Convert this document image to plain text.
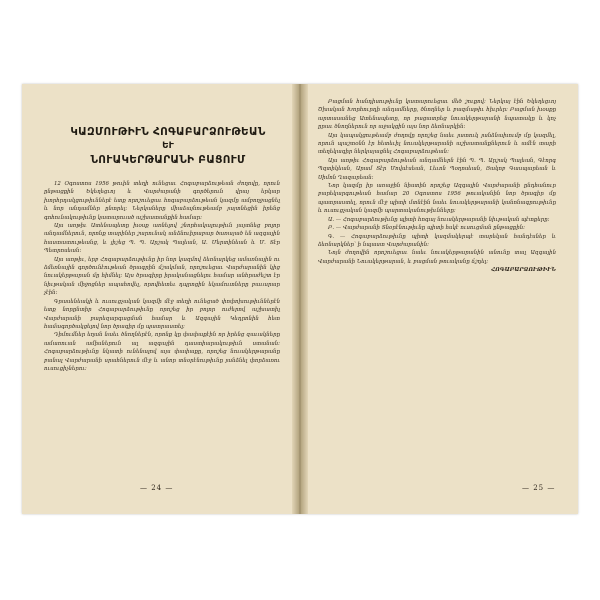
ԿԱԶՄՈՒԹԻՒՆ ՀՈԳԱԲԱՐՁՈՒԹԵԱՆ
ԵՒ
ՆՈՒԱԿԵՐԹԱՐԱՆԻ ԲԱՑՈՒՄ

12 Օգոստոս 1956 թուին տեղի ունեցաւ Հոգաբարձութեան ժողովը, որուն ընթացքին Եկեղեցւոյ և Վարժարանի գործերուն վրայ երկար խորհրդակցութիւններէ ետք որոշուեցաւ հոգաբարձութեան կազմը ամբողջացնել և նոր անդամներ ընտրել։ Ներկաները միաձայնութեամբ յայտնեցին իրենց գոհունակութիւնը կատարուած աշխատանքին համար։

Այս առթիւ Ատենապետը խօսք առնելով շնորհակալութիւն յայտնեց բոլոր անդամներուն, որոնք տարիներ շարունակ անձնուիրաբար ծառայած են ազգային հաստատութեանց, և յիշեց Պ. Պ. Արշակ Պալեան, Ա. Մերտինեան և Մ. Տէր Պետրոսեան։

Այս առթիւ, երբ Հոգաբարձութիւնը իր նոր կազմով ձեռնարկեց ամառնային ու ձմեռնային գործունէութեան ծրագրին մշակման, որոշուեցաւ Վարժարանին կից նուակերթարան մը հիմնել։ Այս ծրագիրը իրականացնելու համար անհրաժեշտ էր նիւթական միջոցներ ապահովել, որովհետեւ դպրոցին եկամուտները բաւարար չէին։

Գրասենեակի և ուսուցչական կազմի մէջ տեղի ունեցած փոփոխութիւններէն ետք նորընտիր Հոգաբարձութիւնը որոշեց իր բոլոր ուժերով աշխատիլ Վարժարանի բարեզարգացման համար և Ազգային Կեդրոնին հետ համագործակցելով նոր ծրագիր մը պատրաստել։

Դիմումներ եղան նաեւ ծնողներէն, որոնք կը փափաքէին որ իրենց զաւակները ամառուան ամիսներուն ալ ազգային դաստիարակութիւն ստանան։ Հոգաբարձութիւնը նկատի ունենալով այս փափաքը, որոշեց նուակերթարանը բանալ Վարժարանի սրահներուն մէջ և անոր տնօրէնութիւնը յանձնել փորձառու ուսուցիչներու։

— 24 —

Բացման հանդիսութիւնը կատարուեցաւ մեծ շուքով։ Ներկայ էին Եկեղեցւոյ Ծխական Խորհուրդի անդամները, ծնողներ և բազմաթիւ հիւրեր։ Բացման խօսքը արտասանեց Ատենապետը, որ բացատրեց նուակերթարանի նպատակը և կոչ ըրաւ ծնողներուն որ աջակցին այս նոր ձեռնարկին։

Այս կապակցութեամբ ժողովը որոշեց նաեւ յատուկ յանձնախումբ մը կազմել, որուն պաշտօնն էր հետեւիլ նուակերթարանի աշխատանքներուն և ամէն տարի տեղեկագիր ներկայացնել Հոգաբարձութեան։

Այս առթիւ Հոգաբարձութեան անդամներն էին Պ. Պ. Արշակ Պալեան, Գէորգ Պզտիկեան, Արամ Տէր Մովսէսեան, Լեւոն Պօղոսեան, Յակոբ Գասպարեան և Սիմոն Ղազարեան։

Նոր կազմը իր առաջին նիստին որոշեց Ազգային Վարժարանի ընդհանուր բարեկարգութեան համար 20 Օգոստոս 1956 թուականին նոր ծրագիր մը պատրաստել, որուն մէջ պիտի մտնէին նաեւ նուակերթարանի կանոնագրութիւնը և ուսուցչական կազմի պարտականութիւնները։

Ա. — Հոգաբարձութիւնը պիտի հոգայ նուակերթարանի նիւթական պէտքերը։

Բ. — Վարժարանի Տնօրէնութիւնը պիտի հսկէ ուսուցման ընթացքին։

Գ. — Հոգաբարձութիւնը պիտի կազմակերպէ տարեկան հանդէսներ և ձեռնարկներ՝ ի նպաստ Վարժարանին։

Նոյն ժողովին որոշուեցաւ նաեւ նուակերթարանին անունը տալ Ազգային Վարժարանի Նուակերթարան, և բացման թուականը ճշդել։

ՀՈԳԱԲԱՐՁՈՒԹԻՒՆ

— 25 —
